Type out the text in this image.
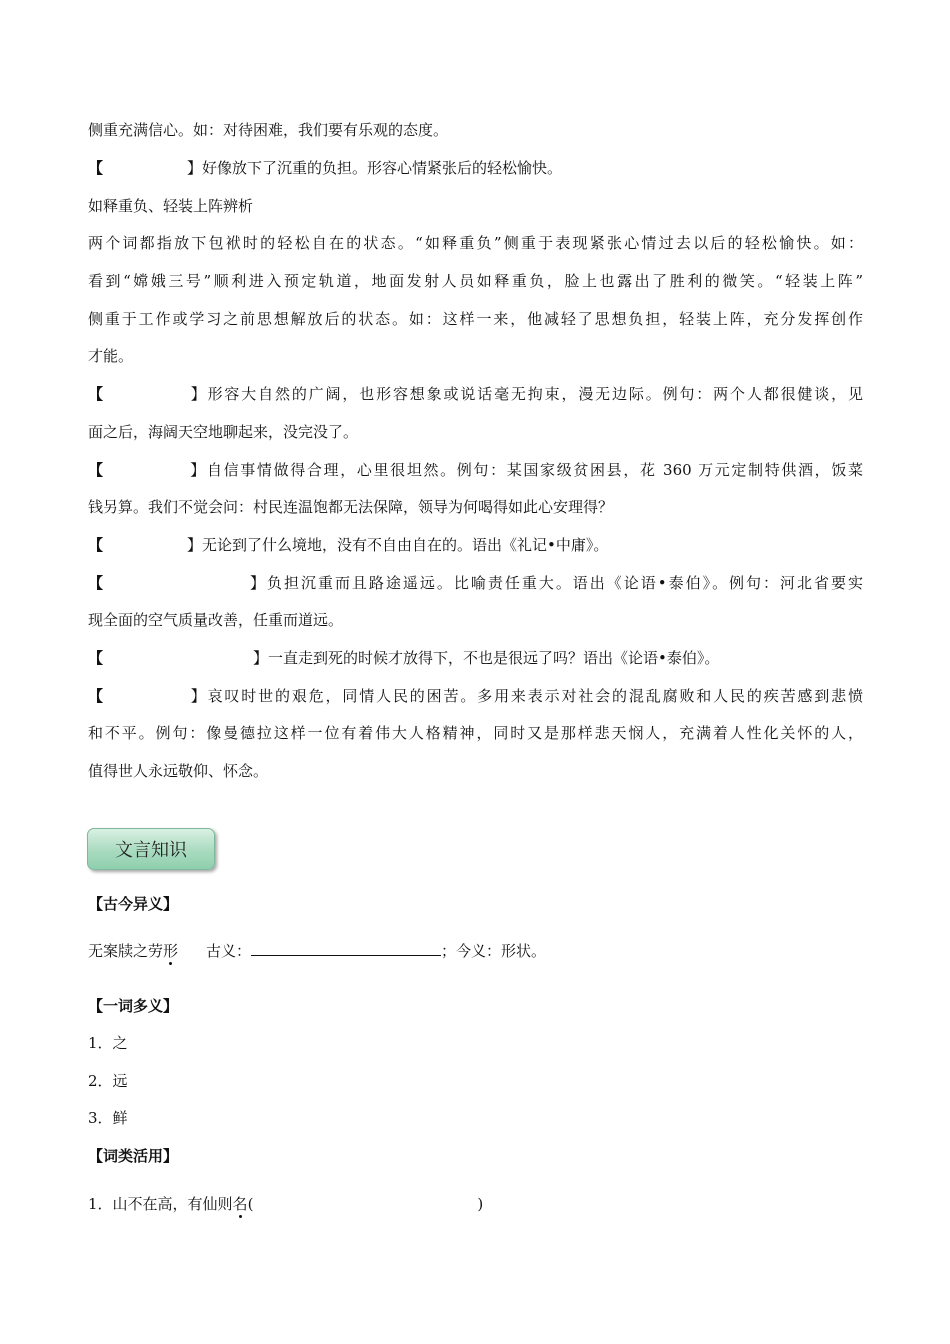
侧重充满信心。如：对待困难，我们要有乐观的态度。
【	】好像放下了沉重的负担。形容心情紧张后的轻松愉快。
如释重负、轻装上阵辨析
两个词都指放下包袱时的轻松自在的状态。“如释重负”侧重于表现紧张心情过去以后的轻松愉快。如：
看到“嫦娥三号”顺利进入预定轨道，地面发射人员如释重负，脸上也露出了胜利的微笑。“轻装上阵”
侧重于工作或学习之前思想解放后的状态。如：这样一来，他减轻了思想负担，轻装上阵，充分发挥创作
才能。
【	】形容大自然的广阔，也形容想象或说话毫无拘束，漫无边际。例句：两个人都很健谈，见
面之后，海阔天空地聊起来，没完没了。
【	】自信事情做得合理，心里很坦然。例句：某国家级贫困县，花 360 万元定制特供酒，饭菜
钱另算。我们不觉会问：村民连温饱都无法保障，领导为何喝得如此心安理得？
【	】无论到了什么境地，没有不自由自在的。语出《礼记•中庸》。
【	】负担沉重而且路途遥远。比喻责任重大。语出《论语•泰伯》。例句：河北省要实
现全面的空气质量改善，任重而道远。
【	】一直走到死的时候才放得下，不也是很远了吗？语出《论语•泰伯》。
【	】哀叹时世的艰危，同情人民的困苦。多用来表示对社会的混乱腐败和人民的疾苦感到悲愤
和不平。例句：像曼德拉这样一位有着伟大人格精神，同时又是那样悲天悯人，充满着人性化关怀的人，
值得世人永远敬仰、怀念。
文言知识
【古今异义】
无案牍之劳形 古义：	；今义：形状。
【一词多义】
1．之
2．远
3．鲜
【词类活用】
1．山不在高，有仙则名(	)
